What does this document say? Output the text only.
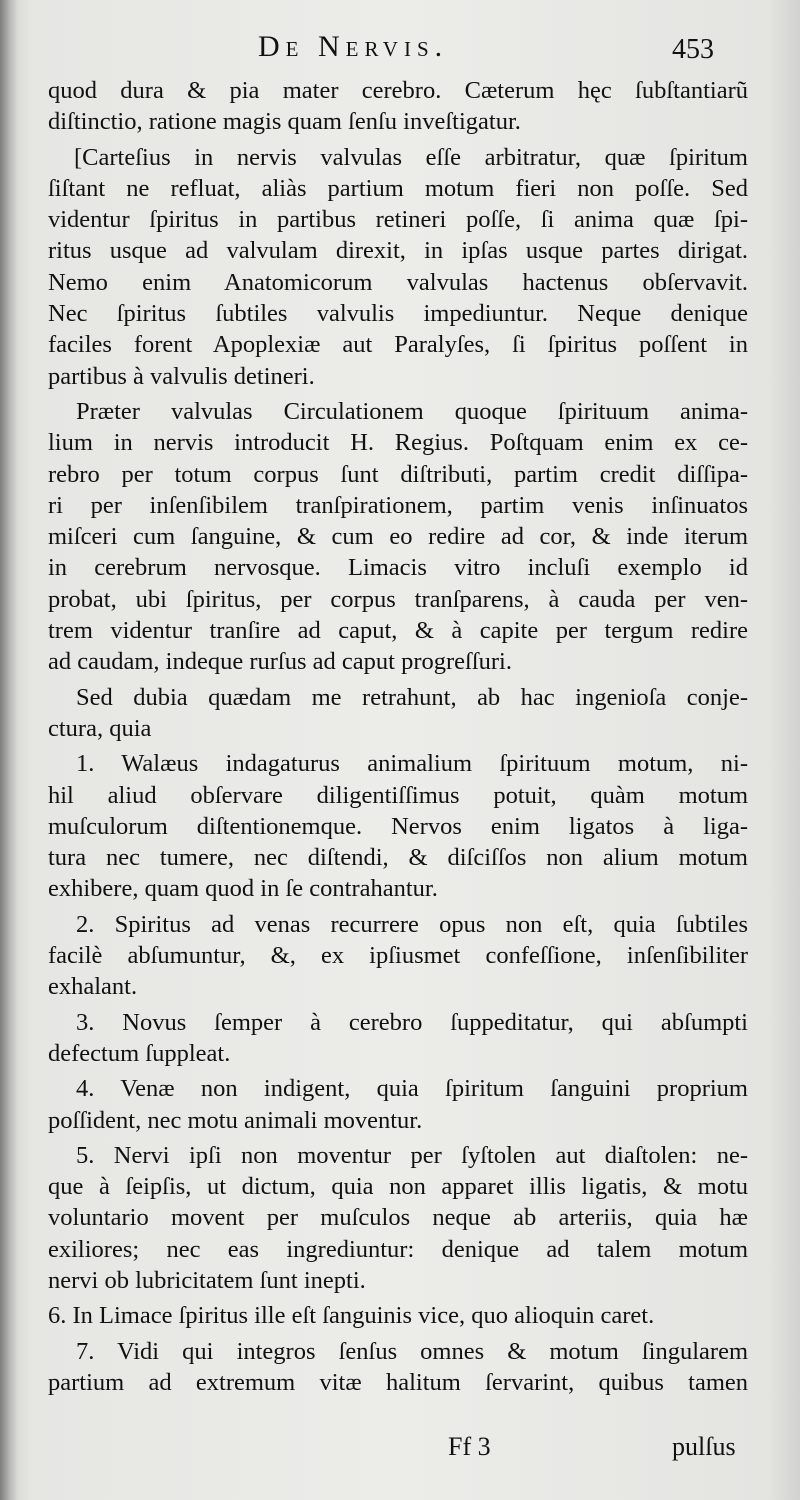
De Nervis.	453
quod dura & pia mater cerebro. Cæterum hęc ſubſtantiarũ
diſtinctio, ratione magis quam ſenſu inveſtigatur.
[Carteſius in nervis valvulas eſſe arbitratur, quæ ſpiritum
ſiſtant ne refluat, aliàs partium motum fieri non poſſe. Sed
videntur ſpiritus in partibus retineri poſſe, ſi anima quæ ſpi-
ritus usque ad valvulam direxit, in ipſas usque partes dirigat.
Nemo enim Anatomicorum valvulas hactenus obſervavit.
Nec ſpiritus ſubtiles valvulis impediuntur. Neque denique
faciles forent Apoplexiæ aut Paralyſes, ſi ſpiritus poſſent in
partibus à valvulis detineri.
Præter valvulas Circulationem quoque ſpirituum anima-
lium in nervis introducit H. Regius. Poſtquam enim ex ce-
rebro per totum corpus ſunt diſtributi, partim credit diſſipa-
ri per inſenſibilem tranſpirationem, partim venis inſinuatos
miſceri cum ſanguine, & cum eo redire ad cor, & inde iterum
in cerebrum nervosque. Limacis vitro incluſi exemplo id
probat, ubi ſpiritus, per corpus tranſparens, à cauda per ven-
trem videntur tranſire ad caput, & à capite per tergum redire
ad caudam, indeque rurſus ad caput progreſſuri.
Sed dubia quædam me retrahunt, ab hac ingenioſa conje-
ctura, quia
1. Walæus indagaturus animalium ſpirituum motum, ni-
hil aliud obſervare diligentiſſimus potuit, quàm motum
muſculorum diſtentionemque. Nervos enim ligatos à liga-
tura nec tumere, nec diſtendi, & diſciſſos non alium motum
exhibere, quam quod in ſe contrahantur.
2. Spiritus ad venas recurrere opus non eſt, quia ſubtiles
facilè abſumuntur, &, ex ipſiusmet confeſſione, inſenſibiliter
exhalant.
3. Novus ſemper à cerebro ſuppeditatur, qui abſumpti
defectum ſuppleat.
4. Venæ non indigent, quia ſpiritum ſanguini proprium
poſſident, nec motu animali moventur.
5. Nervi ipſi non moventur per ſyſtolen aut diaſtolen: ne-
que à ſeipſis, ut dictum, quia non apparet illis ligatis, & motu
voluntario movent per muſculos neque ab arteriis, quia hæ
exiliores; nec eas ingrediuntur: denique ad talem motum
nervi ob lubricitatem ſunt inepti.
6. In Limace ſpiritus ille eſt ſanguinis vice, quo alioquin caret.
7. Vidi qui integros ſenſus omnes & motum ſingularem
partium ad extremum vitæ halitum ſervarint, quibus tamen
Ff 3	pulſus
